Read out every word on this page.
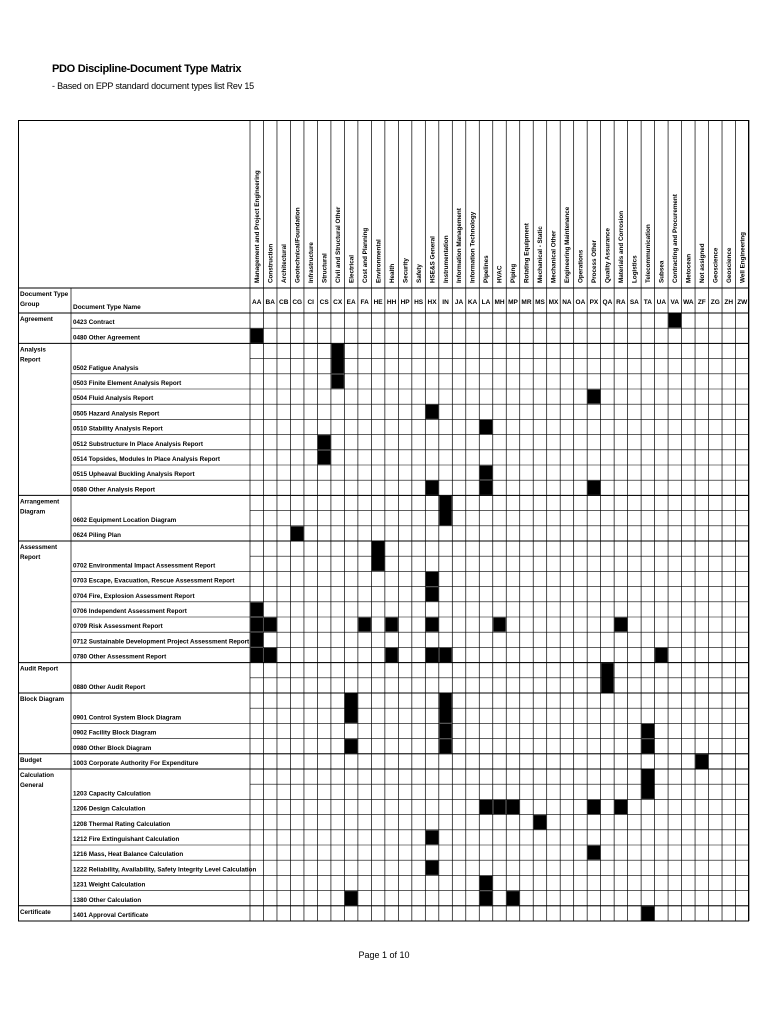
PDO Discipline-Document Type Matrix
- Based on EPP standard document types list Rev 15
Document Type
Group	Document Type Name
Management and Project Engineering
AA
Construction
BA
Architectural
CB
Geotechnical/Foundation
CG
Infrastructure
CI
Structural
CS
Civil and Structural Other
CX
Electrical
EA
Cost and Planning
FA
Environmental
HE
Health
HH
Security
HP
Safety
HS
HSE&S General
HX
Instrumentation
IN
Information Management
JA
Information Technology
KA
Pipelines
LA
HVAC
MH
Piping
MP
Rotating Equipment
MR
Mechanical - Static
MS
Mechanical Other
MX
Engineering Maintenance
NA
Operations
OA
Process Other
PX
Quality Assurance
QA
Materials and Corrosion
RA
Logistics
SA
Telecommunication
TA
Subsea
UA
Contracting and Procurement
VA
Metocean
WA
Not assigned
ZF
Geoscience
ZG
Geoscience
ZH
Well Engineering
ZW
0423 Contract
0480 Other Agreement
0502 Fatigue Analysis
0503 Finite Element Analysis Report
0504 Fluid Analysis Report
0505 Hazard Analysis Report
0510 Stability Analysis Report
0512 Substructure In Place Analysis Report
0514 Topsides, Modules In Place Analysis Report
0515 Upheaval Buckling Analysis Report
0580 Other Analysis Report
0602 Equipment Location Diagram
0624 Piling Plan
0702 Environmental Impact Assessment Report
0703 Escape, Evacuation, Rescue Assessment Report
0704 Fire, Explosion Assessment Report
0706 Independent Assessment Report
0709 Risk Assessment Report
0712 Sustainable Development Project Assessment Report
0780 Other Assessment Report
0880 Other Audit Report
0901 Control System Block Diagram
0902 Facility Block Diagram
0980 Other Block Diagram
1003 Corporate Authority For Expenditure
1203 Capacity Calculation
1206 Design Calculation
1208 Thermal Rating Calculation
1212 Fire Extinguishant Calculation
1216 Mass, Heat Balance Calculation
1222 Reliability, Availability, Safety Integrity Level Calculation
1231 Weight Calculation
1380 Other Calculation
1401 Approval Certificate
Agreement
Analysis
Report
Arrangement
Diagram
Assessment
Report
Audit Report
Block Diagram
Budget
Calculation
General
Certificate
Page 1 of 10
